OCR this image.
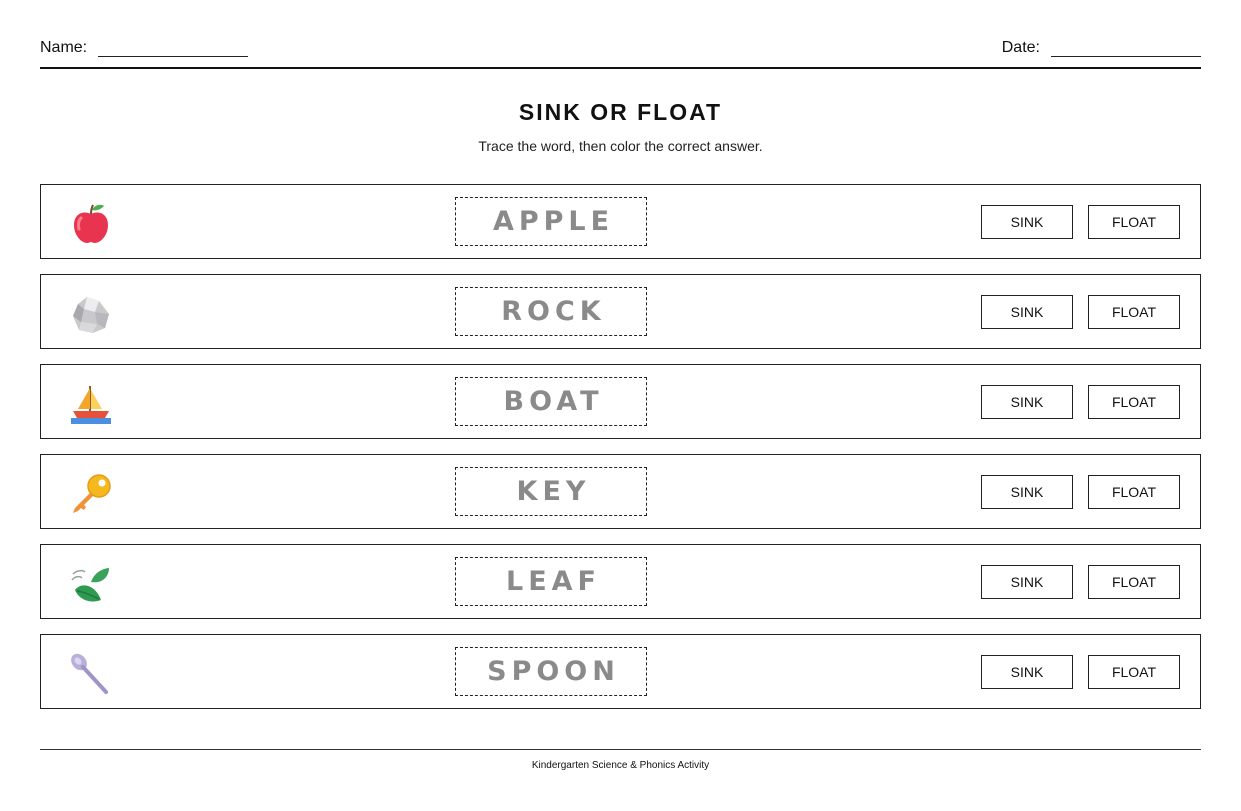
Name:	Date:
SINK OR FLOAT
Trace the word, then color the correct answer.
APPLE	SINK	FLOAT
ROCK	SINK	FLOAT
BOAT	SINK	FLOAT
KEY	SINK	FLOAT
LEAF	SINK	FLOAT
SPOON	SINK	FLOAT
Kindergarten Science & Phonics Activity
